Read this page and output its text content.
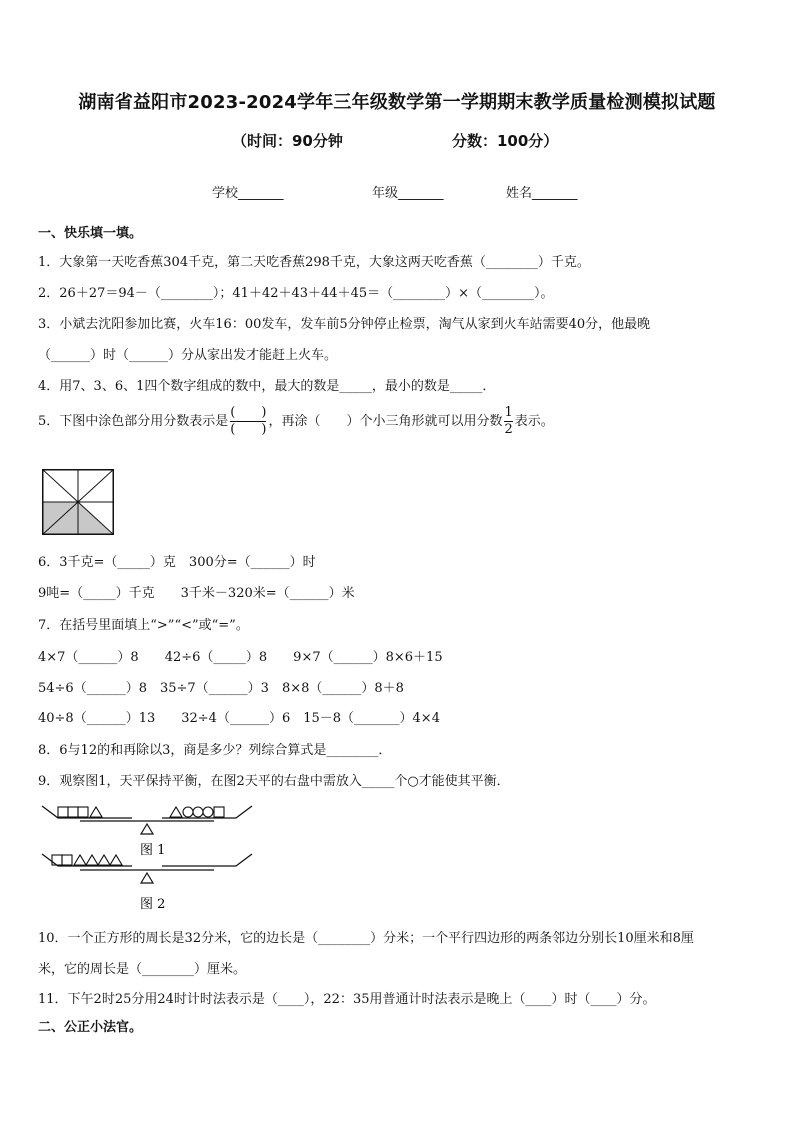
湖南省益阳市2023-2024学年三年级数学第一学期期末教学质量检测模拟试题
（时间：90分钟	分数：100分）
学校_______	年级_______	姓名_______
一、快乐填一填。
1．大象第一天吃香蕉304千克，第二天吃香蕉298千克，大象这两天吃香蕉（________）千克。
2．26＋27＝94－（________）；41＋42＋43＋44＋45＝（________）×（________）。
3．小斌去沈阳参加比赛，火车16：00发车，发车前5分钟停止检票，淘气从家到火车站需要40分，他最晚
（______）时（______）分从家出发才能赶上火车。
4．用7、3、6、1四个数字组成的数中，最大的数是_____，最小的数是_____．
5．下图中涂色部分用分数表示是 $\frac{( )}{( )}$ ，再涂（　　）个小三角形就可以用分数 $\frac{1}{2}$ 表示。
6．3千克=（_____）克　300分=（______）时
9吨=（_____）千克　　3千米－320米=（______）米
7．在括号里面填上“>”“<”或“=”。
4×7（______）8　　42÷6（_____）8　　9×7（______）8×6＋15
54÷6（______）8　35÷7（______）3　8×8（______）8＋8
40÷8（______）13　　32÷4（______）6　15－8（_______）4×4
8．6与12的和再除以3，商是多少？列综合算式是________．
9．观察图1，天平保持平衡，在图2天平的右盘中需放入_____个○才能使其平衡．
图 1
图 2
10．一个正方形的周长是32分米，它的边长是（________）分米；一个平行四边形的两条邻边分别长10厘米和8厘
米，它的周长是（________）厘米。
11．下午2时25分用24时计时法表示是（____），22：35用普通计时法表示是晚上（____）时（____）分。
二、公正小法官。
